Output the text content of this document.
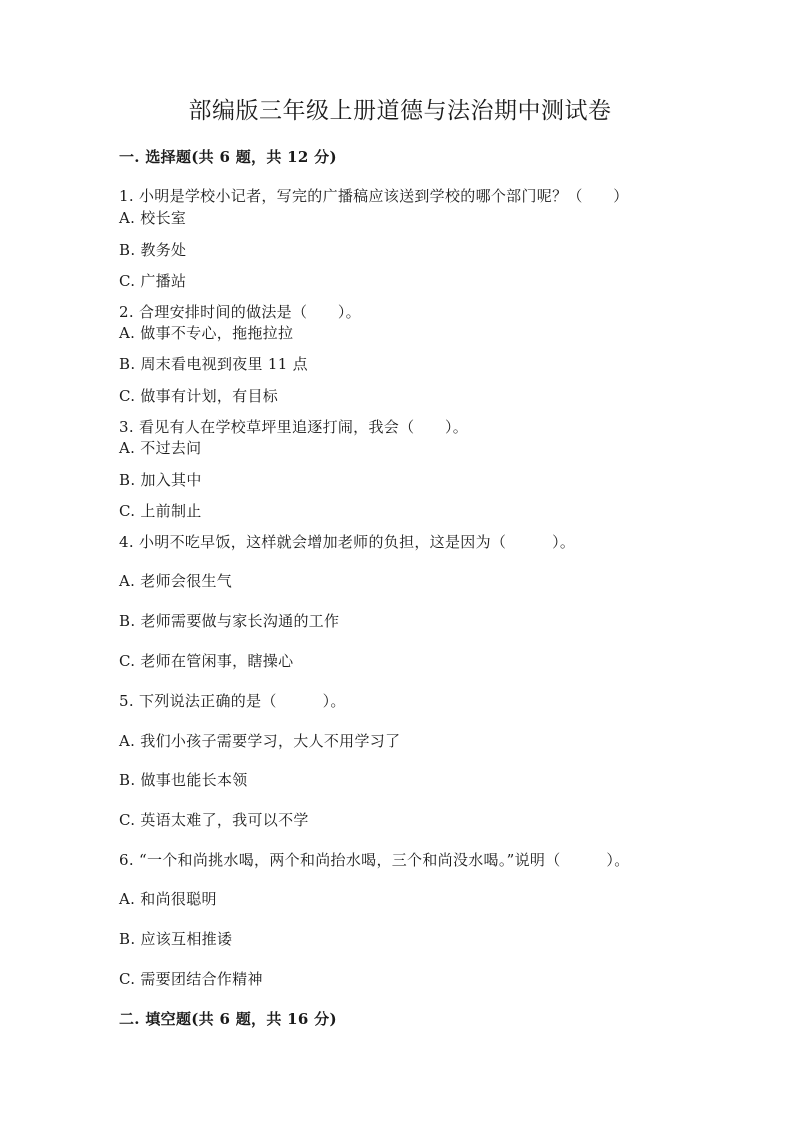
部编版三年级上册道德与法治期中测试卷
一. 选择题(共 6 题，共 12 分)
1. 小明是学校小记者，写完的广播稿应该送到学校的哪个部门呢？（　　）
A. 校长室
B. 教务处
C. 广播站
2. 合理安排时间的做法是（　　）。
A. 做事不专心，拖拖拉拉
B. 周末看电视到夜里 11 点
C. 做事有计划，有目标
3. 看见有人在学校草坪里追逐打闹，我会（　　）。
A. 不过去问
B. 加入其中
C. 上前制止
4. 小明不吃早饭，这样就会增加老师的负担，这是因为（　　　）。
A. 老师会很生气
B. 老师需要做与家长沟通的工作
C. 老师在管闲事，瞎操心
5. 下列说法正确的是（　　　）。
A. 我们小孩子需要学习，大人不用学习了
B. 做事也能长本领
C. 英语太难了，我可以不学
6. “一个和尚挑水喝，两个和尚抬水喝，三个和尚没水喝。”说明（　　　）。
A. 和尚很聪明
B. 应该互相推诿
C. 需要团结合作精神
二. 填空题(共 6 题，共 16 分)
